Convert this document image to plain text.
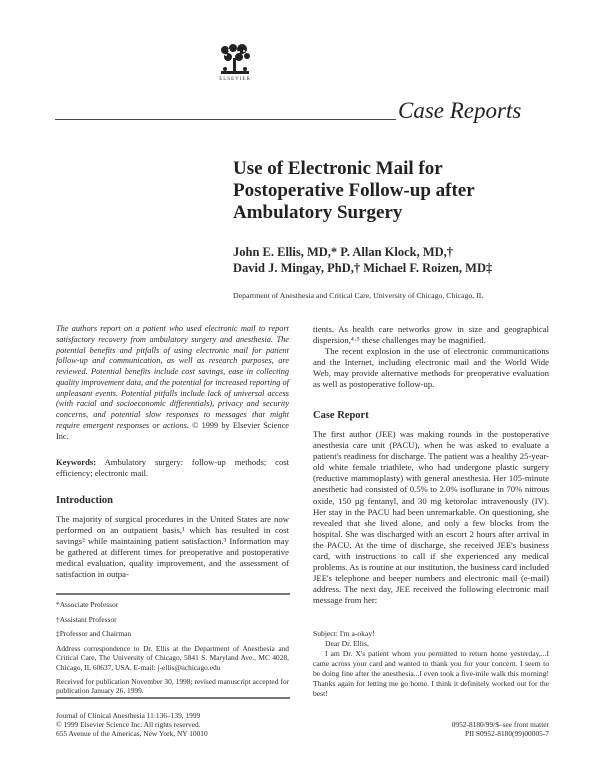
ELSEVIER
Case Reports
Use of Electronic Mail for
Postoperative Follow-up after
Ambulatory Surgery
John E. Ellis, MD,* P. Allan Klock, MD,†
David J. Mingay, PhD,† Michael F. Roizen, MD‡
Department of Anesthesia and Critical Care, University of Chicago, Chicago, IL
The authors report on a patient who used electronic mail to report satisfactory recovery from ambulatory surgery and anesthesia. The potential benefits and pitfalls of using electronic mail for patient follow-up and communication, as well as research purposes, are reviewed. Potential benefits include cost savings, ease in collecting quality improvement data, and the potential for increased reporting of unpleasant events. Potential pitfalls include lack of universal access (with racial and socioeconomic differentials), privacy and security concerns, and potential slow responses to messages that might require emergent responses or actions. © 1999 by Elsevier Science Inc.
Keywords: Ambulatory surgery: follow-up methods; cost efficiency; electronic mail.
Introduction
The majority of surgical procedures in the United States are now performed on an outpatient basis,¹ which has resulted in cost savings² while maintaining patient satisfaction.³ Information may be gathered at different times for preoperative and postoperative medical evaluation, quality improvement, and the assessment of satisfaction in outpa-

*Associate Professor

†Assistant Professor

‡Professor and Chairman

Address correspondence to Dr. Ellis at the Department of Anesthesia and Critical Care, The University of Chicago, 5841 S. Maryland Ave., MC 4028, Chicago, IL 60637, USA. E-mail: j-ellis@uchicago.edu

Received for publication November 30, 1998; revised manuscript accepted for publication January 26, 1999.

Journal of Clinical Anesthesia 11:136–139, 1999
© 1999 Elsevier Science Inc. All rights reserved.
655 Avenue of the Americas, New York, NY 10010

tients. As health care networks grow in size and geographical dispersion,⁴·⁵ these challenges may be magnified.

The recent explosion in the use of electronic communications and the Internet, including electronic mail and the World Wide Web, may provide alternative methods for preoperative evaluation as well as postoperative follow-up.

Case Report
The first author (JEE) was making rounds in the postoperative anesthesia care unit (PACU), when he was asked to evaluate a patient's readiness for discharge. The patient was a healthy 25-year-old white female triathlete, who had undergone plastic surgery (reductive mammoplasty) with general anesthesia. Her 105-minute anesthetic had consisted of 0.5% to 2.0% isoflurane in 70% nitrous oxide, 150 µg fentanyl, and 30 mg ketorolac intravenously (IV). Her stay in the PACU had been unremarkable. On questioning, she revealed that she lived alone, and only a few blocks from the hospital. She was discharged with an escort 2 hours after arrival in the PACU. At the time of discharge, she received JEE's business card, with instructions to call if she experienced any medical problems. As is routine at our institution, the business card included JEE's telephone and beeper numbers and electronic mail (e-mail) address. The next day, JEE received the following electronic mail message from her:

Subject: I'm a-okay!

Dear Dr. Ellis,

I am Dr. X's patient whom you permitted to return home yesterday,...I came across your card and wanted to thank you for your concern. I seem to be doing fine after the anesthesia...I even took a five-mile walk this morning! Thanks again for letting me go home. I think it definitely worked out for the best!

0952-8180/99/$–see front matter
PII S0952-8180(99)00005-7
